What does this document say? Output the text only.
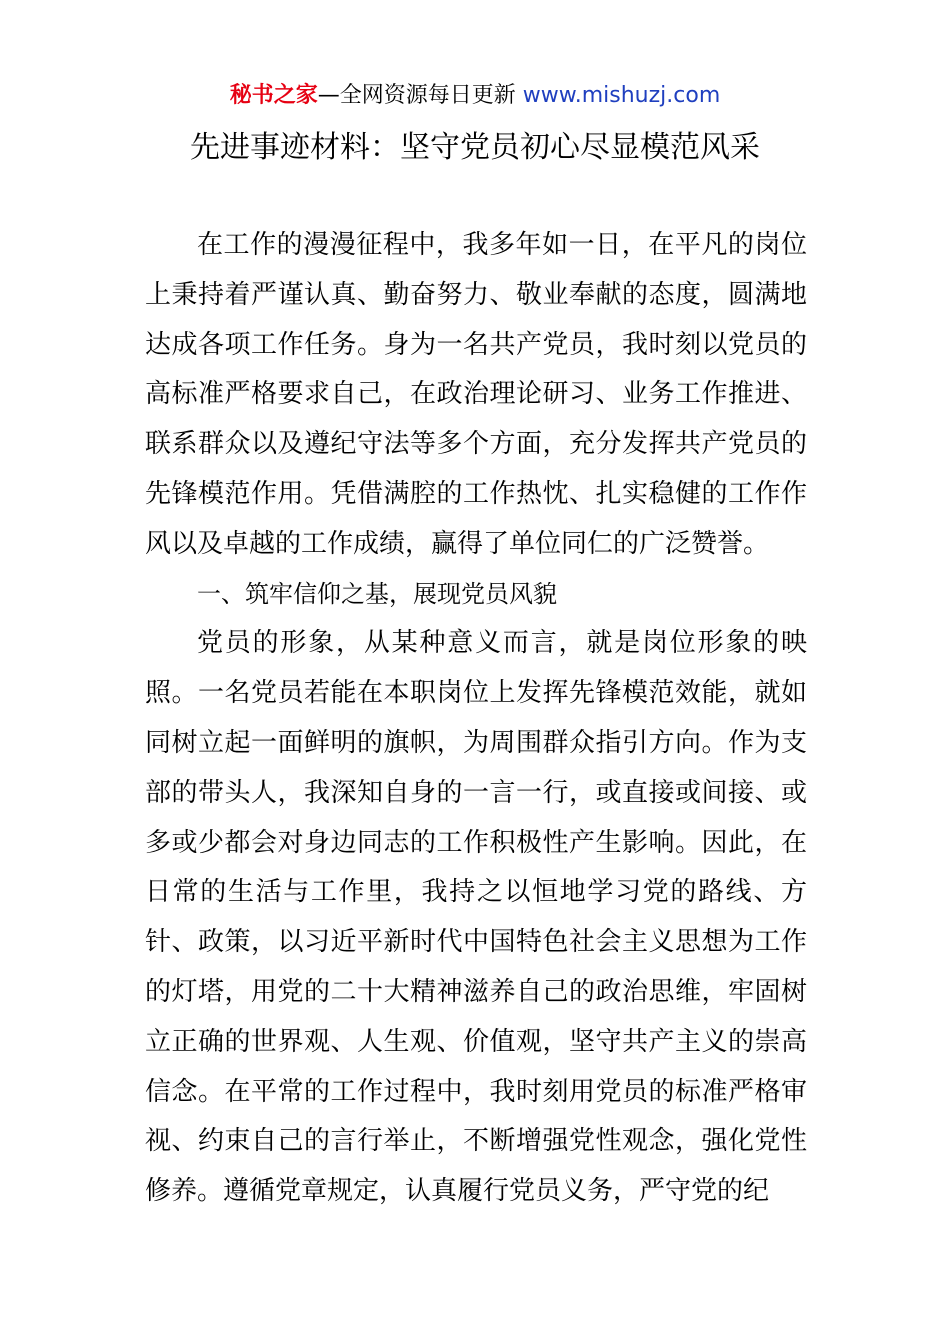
秘书之家—全网资源每日更新 www.mishuzj.com
先进事迹材料：坚守党员初心尽显模范风采

在工作的漫漫征程中，我多年如一日，在平凡的岗位上秉持着严谨认真、勤奋努力、敬业奉献的态度，圆满地达成各项工作任务。身为一名共产党员，我时刻以党员的高标准严格要求自己，在政治理论研习、业务工作推进、联系群众以及遵纪守法等多个方面，充分发挥共产党员的先锋模范作用。凭借满腔的工作热忱、扎实稳健的工作作风以及卓越的工作成绩，赢得了单位同仁的广泛赞誉。

一、筑牢信仰之基，展现党员风貌

党员的形象，从某种意义而言，就是岗位形象的映照。一名党员若能在本职岗位上发挥先锋模范效能，就如同树立起一面鲜明的旗帜，为周围群众指引方向。作为支部的带头人，我深知自身的一言一行，或直接或间接、或多或少都会对身边同志的工作积极性产生影响。因此，在日常的生活与工作里，我持之以恒地学习党的路线、方针、政策，以习近平新时代中国特色社会主义思想为工作的灯塔，用党的二十大精神滋养自己的政治思维，牢固树立正确的世界观、人生观、价值观，坚守共产主义的崇高信念。在平常的工作过程中，我时刻用党员的标准严格审视、约束自己的言行举止，不断增强党性观念，强化党性修养。遵循党章规定，认真履行党员义务，严守党的纪
